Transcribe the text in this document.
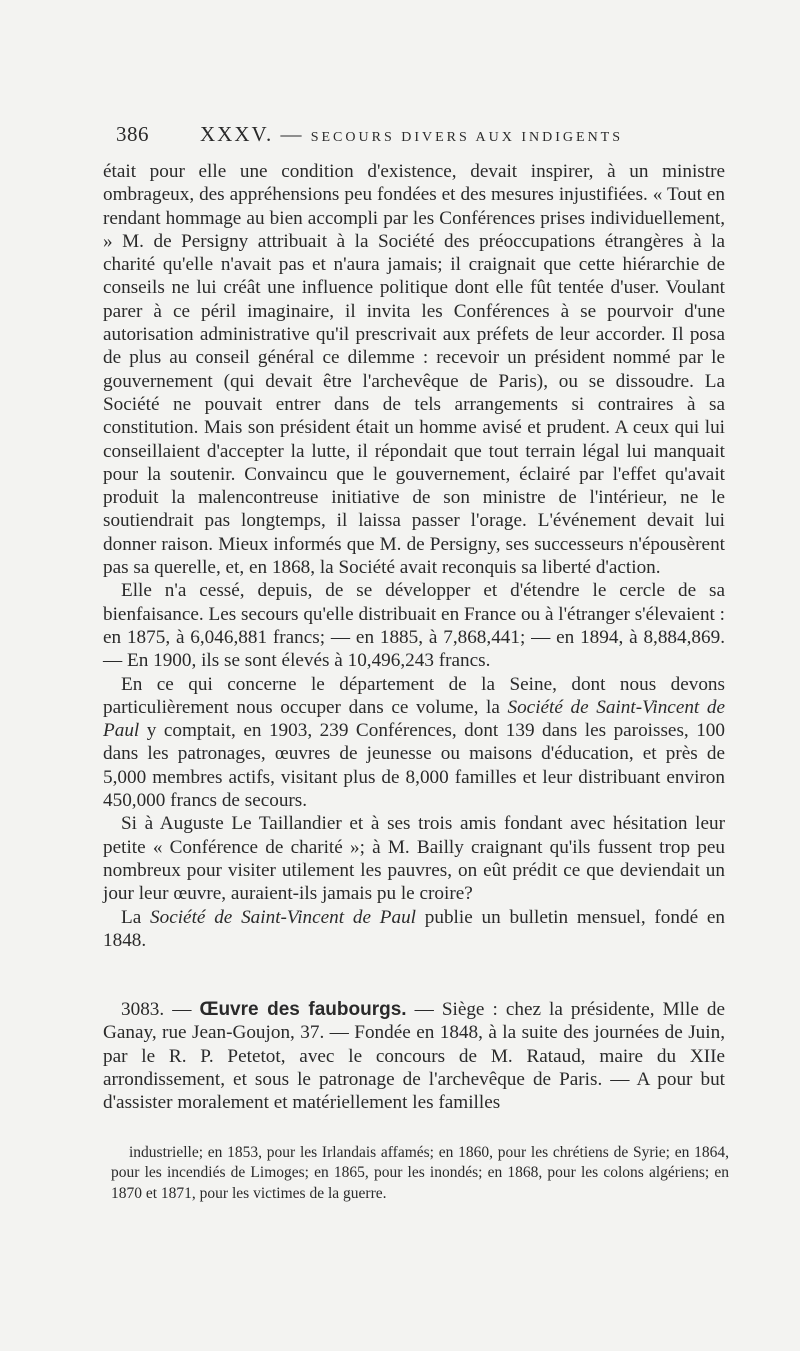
386 XXXV. — SECOURS DIVERS AUX INDIGENTS

était pour elle une condition d'existence, devait inspirer, à un ministre ombrageux, des appréhensions peu fondées et des mesures injustifiées. « Tout en rendant hommage au bien accompli par les Conférences prises individuellement, » M. de Persigny attribuait à la Société des préoccupations étrangères à la charité qu'elle n'avait pas et n'aura jamais; il craignait que cette hiérarchie de conseils ne lui créât une influence politique dont elle fût tentée d'user. Voulant parer à ce péril imaginaire, il invita les Conférences à se pourvoir d'une autorisation administrative qu'il prescrivait aux préfets de leur accorder. Il posa de plus au conseil général ce dilemme : recevoir un président nommé par le gouvernement (qui devait être l'archevêque de Paris), ou se dissoudre. La Société ne pouvait entrer dans de tels arrangements si contraires à sa constitution. Mais son président était un homme avisé et prudent. A ceux qui lui conseillaient d'accepter la lutte, il répondait que tout terrain légal lui manquait pour la soutenir. Convaincu que le gouvernement, éclairé par l'effet qu'avait produit la malencontreuse initiative de son ministre de l'intérieur, ne le soutiendrait pas longtemps, il laissa passer l'orage. L'événement devait lui donner raison. Mieux informés que M. de Persigny, ses successeurs n'épousèrent pas sa querelle, et, en 1868, la Société avait reconquis sa liberté d'action.

Elle n'a cessé, depuis, de se développer et d'étendre le cercle de sa bienfaisance. Les secours qu'elle distribuait en France ou à l'étranger s'élevaient : en 1875, à 6,046,881 francs; — en 1885, à 7,868,441; — en 1894, à 8,884,869. — En 1900, ils se sont élevés à 10,496,243 francs.

En ce qui concerne le département de la Seine, dont nous devons particulièrement nous occuper dans ce volume, la Société de Saint-Vincent de Paul y comptait, en 1903, 239 Conférences, dont 139 dans les paroisses, 100 dans les patronages, œuvres de jeunesse ou maisons d'éducation, et près de 5,000 membres actifs, visitant plus de 8,000 familles et leur distribuant environ 450,000 francs de secours.

Si à Auguste Le Taillandier et à ses trois amis fondant avec hésitation leur petite « Conférence de charité »; à M. Bailly craignant qu'ils fussent trop peu nombreux pour visiter utilement les pauvres, on eût prédit ce que deviendait un jour leur œuvre, auraient-ils jamais pu le croire?

La Société de Saint-Vincent de Paul publie un bulletin mensuel, fondé en 1848.

3083. — Œuvre des faubourgs. — Siège : chez la présidente, Mlle de Ganay, rue Jean-Goujon, 37. — Fondée en 1848, à la suite des journées de Juin, par le R. P. Petetot, avec le concours de M. Rataud, maire du XIIe arrondissement, et sous le patronage de l'archevêque de Paris. — A pour but d'assister moralement et matériellement les familles

industrielle; en 1853, pour les Irlandais affamés; en 1860, pour les chrétiens de Syrie; en 1864, pour les incendiés de Limoges; en 1865, pour les inondés; en 1868, pour les colons algériens; en 1870 et 1871, pour les victimes de la guerre.
